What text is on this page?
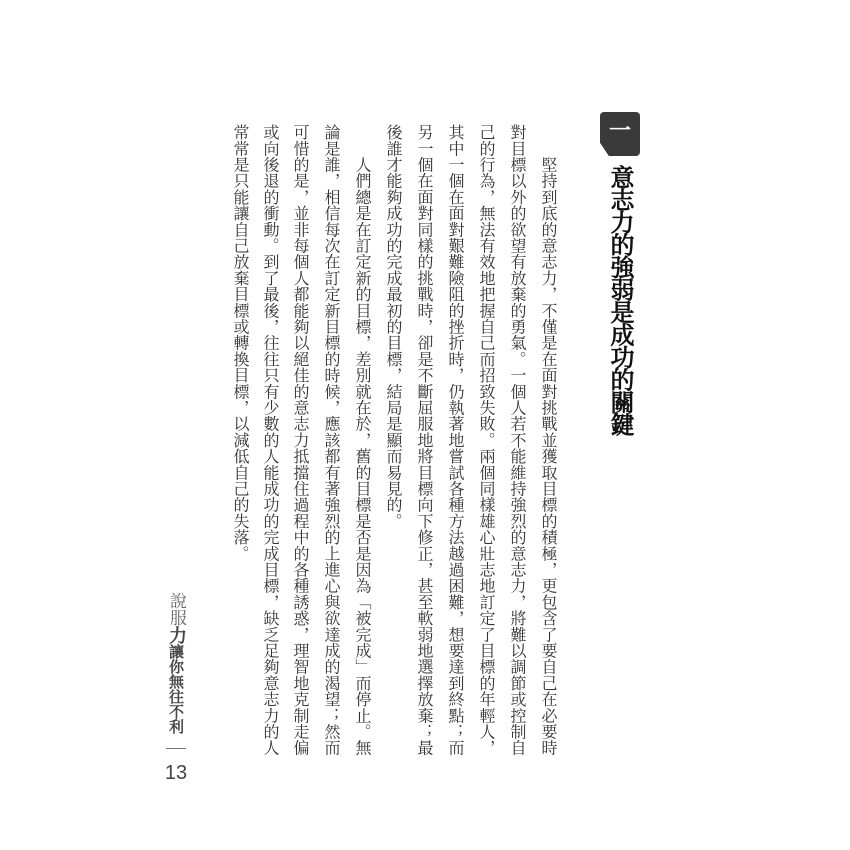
一
意志力的強弱是成功的關鍵
　　堅持到底的意志力，不僅是在面對挑戰並獲取目標的積極，更包含了要自己在必要時
對目標以外的欲望有放棄的勇氣。一個人若不能維持強烈的意志力，將難以調節或控制自
己的行為，無法有效地把握自己而招致失敗。兩個同樣雄心壯志地訂定了目標的年輕人，
其中一個在面對艱難險阻的挫折時，仍執著地嘗試各種方法越過困難，想要達到終點；而
另一個在面對同樣的挑戰時，卻是不斷屈服地將目標向下修正，甚至軟弱地選擇放棄；最
後誰才能夠成功的完成最初的目標，結局是顯而易見的。
　　人們總是在訂定新的目標，差別就在於，舊的目標是否是因為「被完成」而停止。無
論是誰，相信每次在訂定新目標的時候，應該都有著強烈的上進心與欲達成的渴望；然而
可惜的是，並非每個人都能夠以絕佳的意志力抵擋住過程中的各種誘惑，理智地克制走偏
或向後退的衝動。到了最後，往往只有少數的人能成功的完成目標，缺乏足夠意志力的人
常常是只能讓自己放棄目標或轉換目標，以減低自己的失落。
說服力讓你無往不利
13
